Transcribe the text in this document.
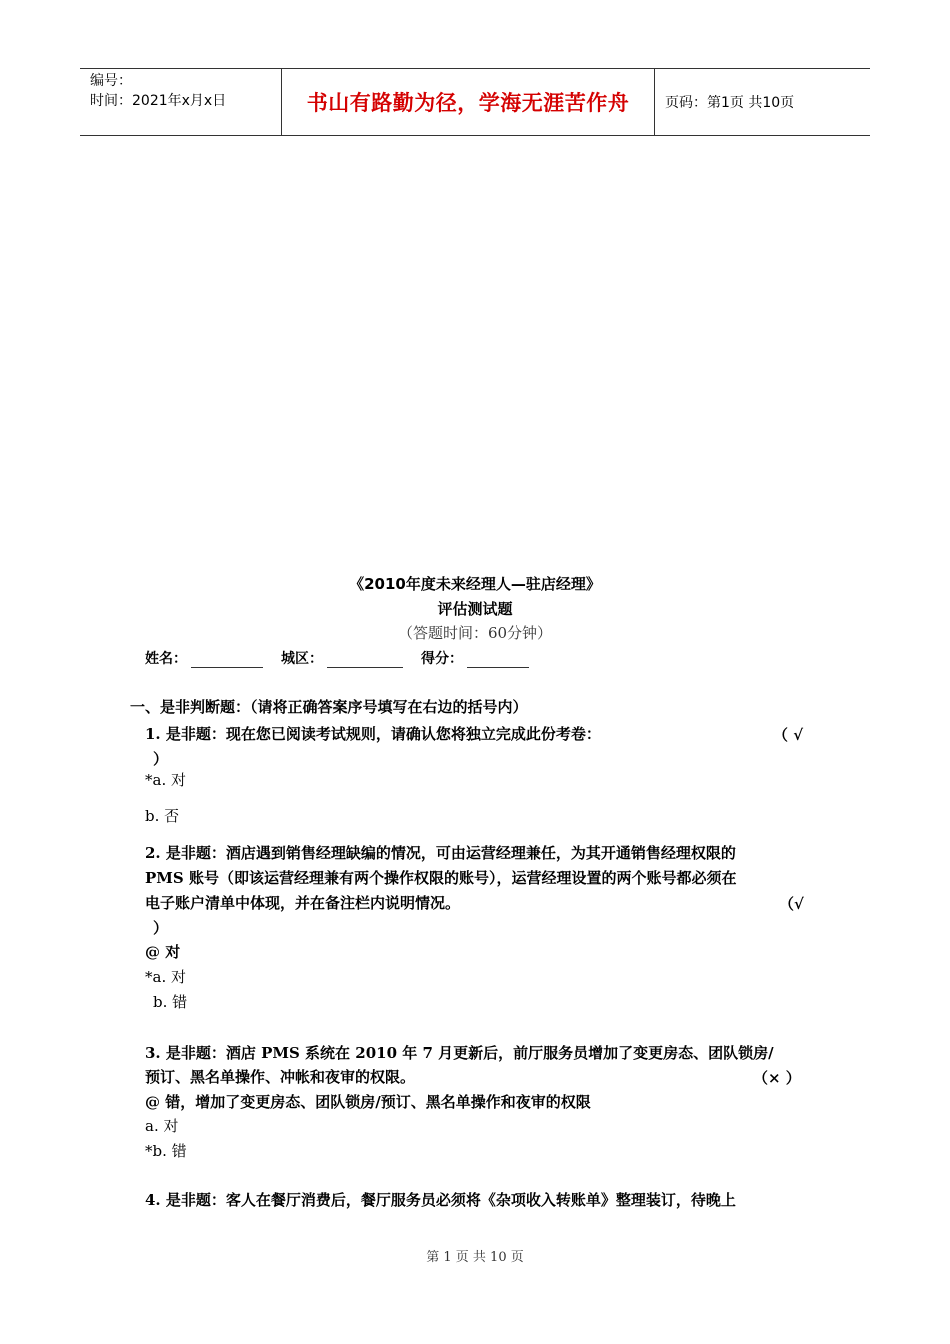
编号：
时间：2021年x月x日	书山有路勤为径，学海无涯苦作舟	页码：第1页 共10页
《2010年度未来经理人—驻店经理》
评估测试题
（答题时间：60分钟）
姓名：	城区：	得分：
一、是非判断题：（请将正确答案序号填写在右边的括号内）
1. 是非题：现在您已阅读考试规则，请确认您将独立完成此份考卷：	（ √
）
*a. 对
b. 否
2. 是非题：酒店遇到销售经理缺编的情况，可由运营经理兼任，为其开通销售经理权限的
PMS 账号（即该运营经理兼有两个操作权限的账号），运营经理设置的两个账号都必须在
电子账户清单中体现，并在备注栏内说明情况。	（√
）
@ 对
*a. 对
b. 错
3. 是非题：酒店 PMS 系统在 2010 年 7 月更新后，前厅服务员增加了变更房态、团队锁房/
预订、黑名单操作、冲帐和夜审的权限。	（× ）
@ 错，增加了变更房态、团队锁房/预订、黑名单操作和夜审的权限
a. 对
*b. 错
4. 是非题：客人在餐厅消费后，餐厅服务员必须将《杂项收入转账单》整理装订，待晚上
第 1 页 共 10 页
